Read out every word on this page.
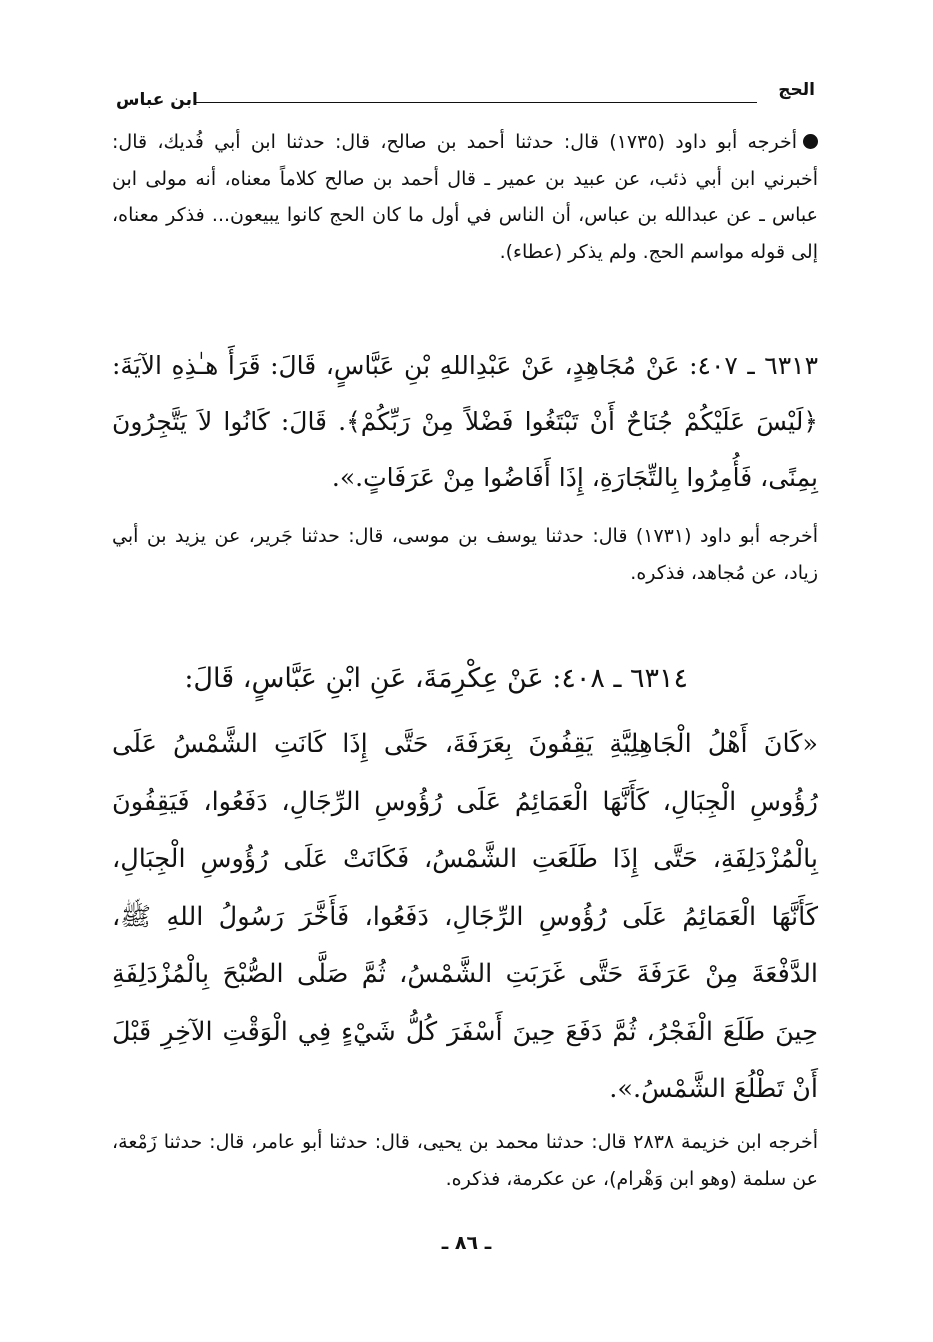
الحج
ابن عباس
أخرجه أبو داود (١٧٣٥) قال: حدثنا أحمد بن صالح، قال: حدثنا ابن أبي فُديك، قال: أخبرني ابن أبي ذئب، عن عبيد بن عمير ـ قال أحمد بن صالح كلاماً معناه، أنه مولى ابن عباس ـ عن عبدالله بن عباس، أن الناس في أول ما كان الحج كانوا يبيعون... فذكر معناه، إلى قوله مواسم الحج. ولم يذكر (عطاء).
٦٣١٣ ـ ٤٠٧: عَنْ مُجَاهِدٍ، عَنْ عَبْدِاللهِ بْنِ عَبَّاسٍ، قَالَ: قَرَأَ هـٰذِهِ الآيَةَ: ﴿لَيْسَ عَلَيْكُمْ جُنَاحٌ أَنْ تَبْتَغُوا فَضْلاً مِنْ رَبِّكُمْ﴾. قَالَ: كَانُوا لاَ يَتَّجِرُونَ بِمِنًى، فَأُمِرُوا بِالتِّجَارَةِ، إِذَا أَفَاضُوا مِنْ عَرَفَاتٍ.».
أخرجه أبو داود (١٧٣١) قال: حدثنا يوسف بن موسى، قال: حدثنا جَرير، عن يزيد بن أبي زياد، عن مُجاهد، فذكره.
٦٣١٤ ـ ٤٠٨: عَنْ عِكْرِمَةَ، عَنِ ابْنِ عَبَّاسٍ، قَالَ:
«كَانَ أَهْلُ الْجَاهِلِيَّةِ يَقِفُونَ بِعَرَفَةَ، حَتَّى إِذَا كَانَتِ الشَّمْسُ عَلَى رُؤُوسِ الْجِبَالِ، كَأَنَّهَا الْعَمَائِمُ عَلَى رُؤُوسِ الرِّجَالِ، دَفَعُوا، فَيَقِفُونَ بِالْمُزْدَلِفَةِ، حَتَّى إِذَا طَلَعَتِ الشَّمْسُ، فَكَانَتْ عَلَى رُؤُوسِ الْجِبَالِ، كَأَنَّهَا الْعَمَائِمُ عَلَى رُؤُوسِ الرِّجَالِ، دَفَعُوا، فَأَخَّرَ رَسُولُ اللهِ ﷺ، الدَّفْعَةَ مِنْ عَرَفَةَ حَتَّى غَرَبَتِ الشَّمْسُ، ثُمَّ صَلَّى الصُّبْحَ بِالْمُزْدَلِفَةِ حِينَ طَلَعَ الْفَجْرُ، ثُمَّ دَفَعَ حِينَ أَسْفَرَ كُلُّ شَيْءٍ فِي الْوَقْتِ الآخِرِ قَبْلَ أَنْ تَطْلُعَ الشَّمْسُ.».
أخرجه ابن خزيمة ٢٨٣٨ قال: حدثنا محمد بن يحيى، قال: حدثنا أبو عامر، قال: حدثنا زَمْعة، عن سلمة (وهو ابن وَهْرام)، عن عكرمة، فذكره.
ـ ٨٦ ـ
